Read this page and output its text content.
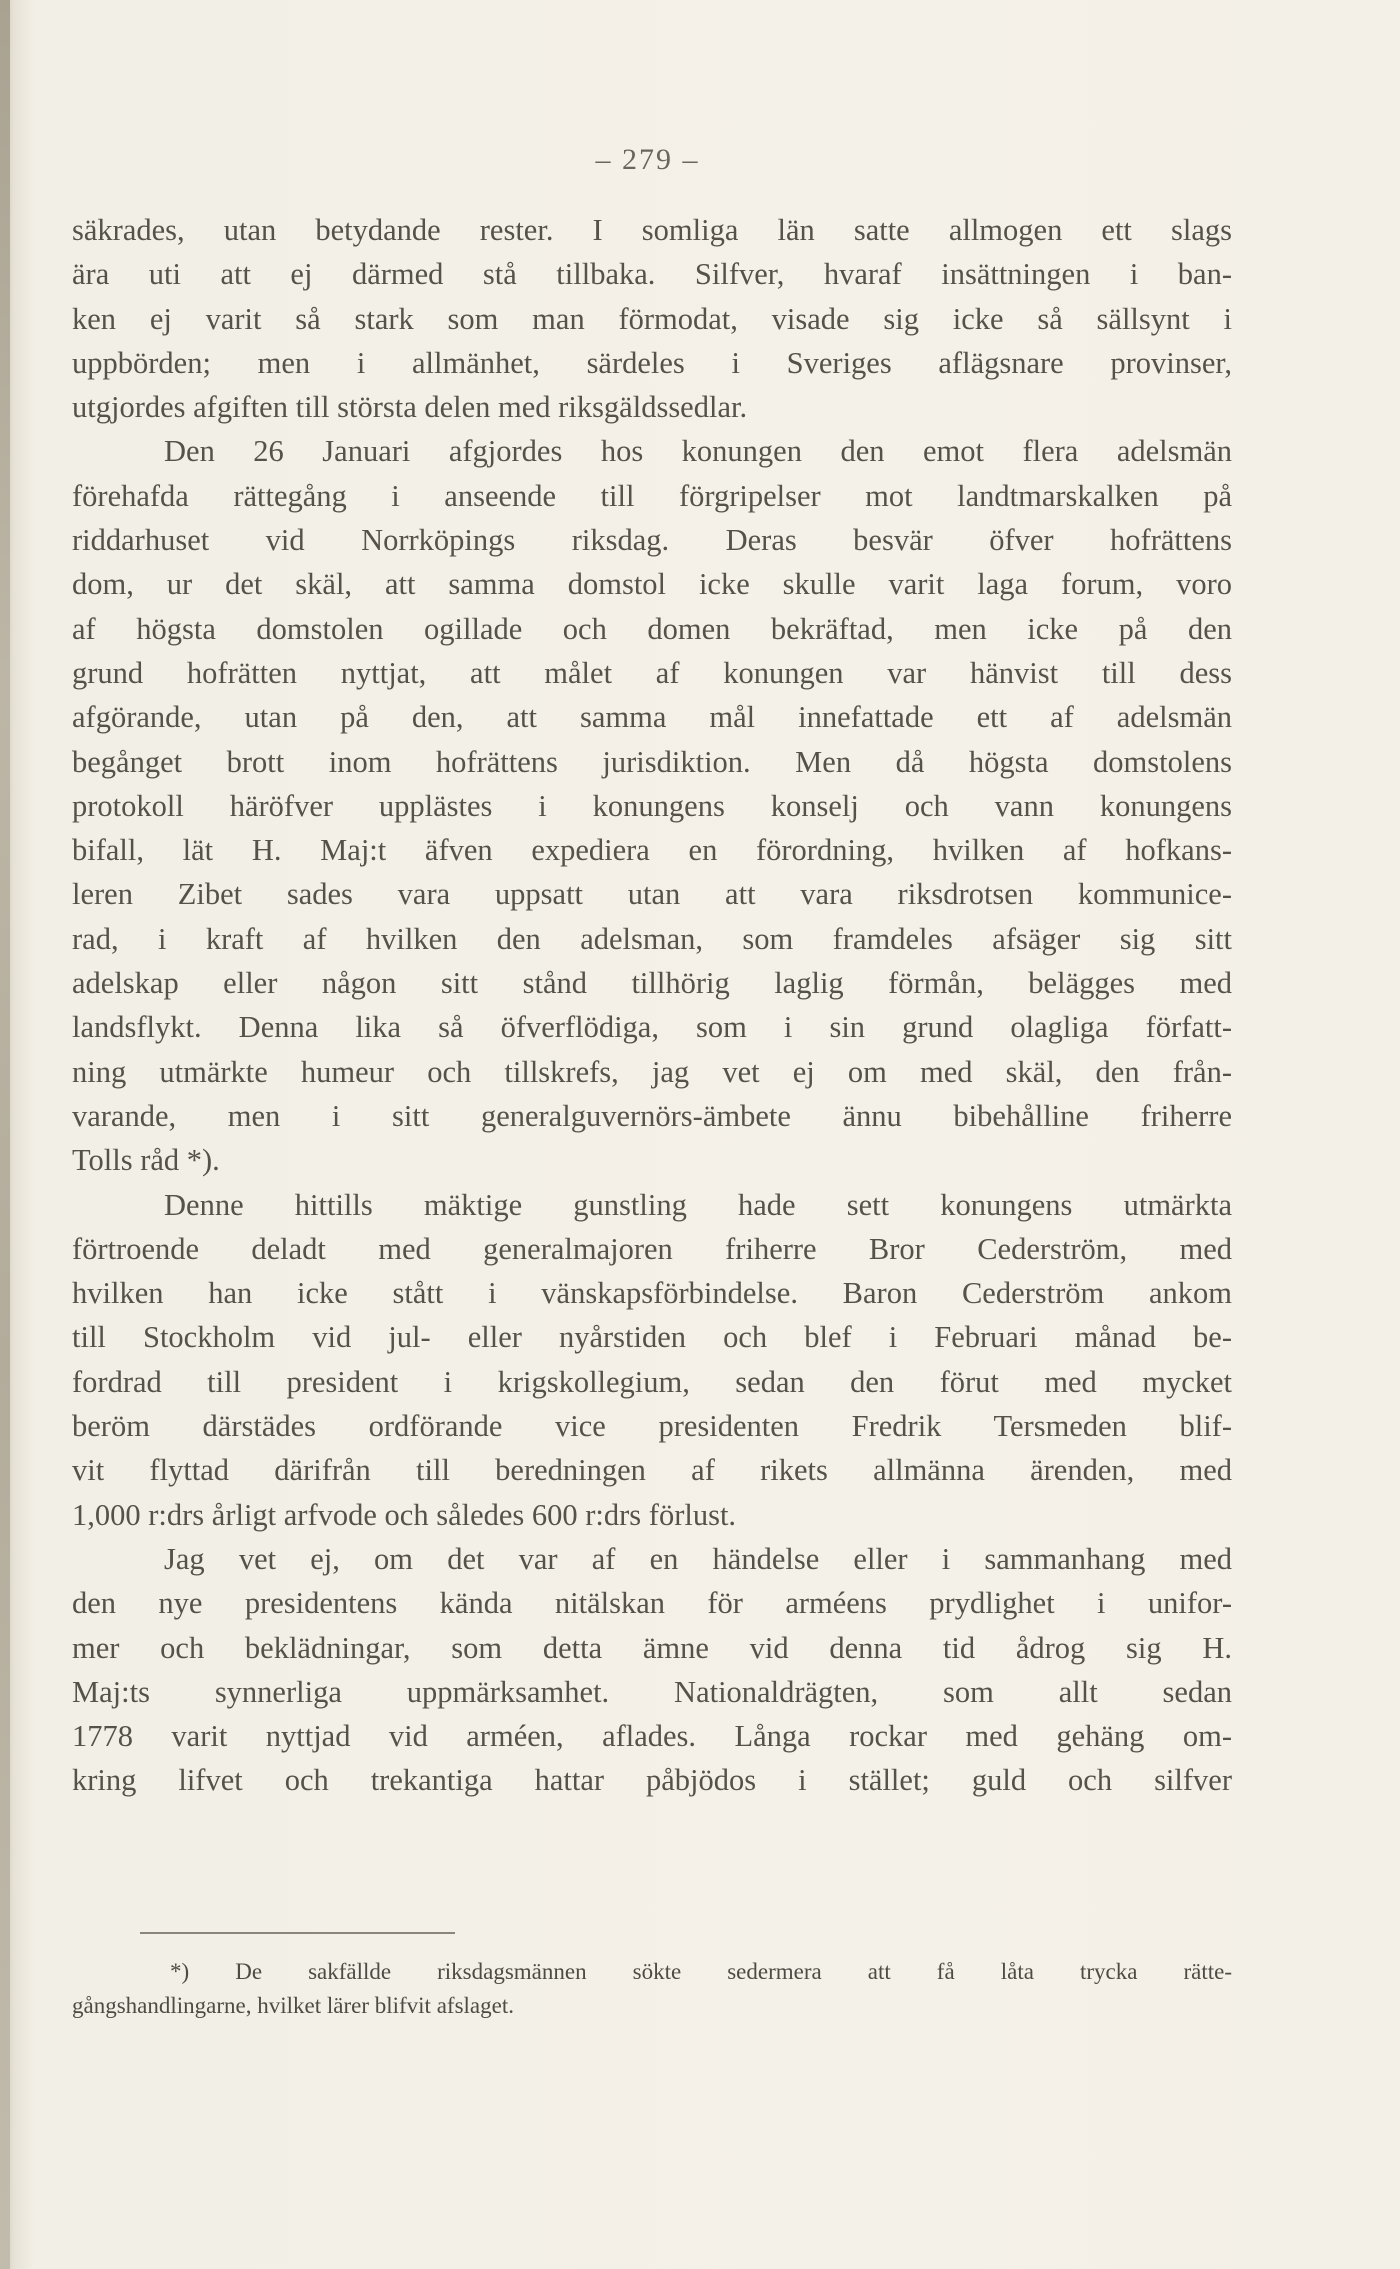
– 279 –
säkrades, utan betydande rester. I somliga län satte allmogen ett slags
ära uti att ej därmed stå tillbaka. Silfver, hvaraf insättningen i ban-
ken ej varit så stark som man förmodat, visade sig icke så sällsynt i
uppbörden; men i allmänhet, särdeles i Sveriges aflägsnare provinser,
utgjordes afgiften till största delen med riksgäldssedlar.
Den 26 Januari afgjordes hos konungen den emot flera adelsmän
förehafda rättegång i anseende till förgripelser mot landtmarskalken på
riddarhuset vid Norrköpings riksdag. Deras besvär öfver hofrättens
dom, ur det skäl, att samma domstol icke skulle varit laga forum, voro
af högsta domstolen ogillade och domen bekräftad, men icke på den
grund hofrätten nyttjat, att målet af konungen var hänvist till dess
afgörande, utan på den, att samma mål innefattade ett af adelsmän
begånget brott inom hofrättens jurisdiktion. Men då högsta domstolens
protokoll häröfver upplästes i konungens konselj och vann konungens
bifall, lät H. Maj:t äfven expediera en förordning, hvilken af hofkans-
leren Zibet sades vara uppsatt utan att vara riksdrotsen kommunice-
rad, i kraft af hvilken den adelsman, som framdeles afsäger sig sitt
adelskap eller någon sitt stånd tillhörig laglig förmån, belägges med
landsflykt. Denna lika så öfverflödiga, som i sin grund olagliga författ-
ning utmärkte humeur och tillskrefs, jag vet ej om med skäl, den från-
varande, men i sitt generalguvernörs-ämbete ännu bibehålline friherre
Tolls råd *).
Denne hittills mäktige gunstling hade sett konungens utmärkta
förtroende deladt med generalmajoren friherre Bror Cederström, med
hvilken han icke stått i vänskapsförbindelse. Baron Cederström ankom
till Stockholm vid jul- eller nyårstiden och blef i Februari månad be-
fordrad till president i krigskollegium, sedan den förut med mycket
beröm därstädes ordförande vice presidenten Fredrik Tersmeden blif-
vit flyttad därifrån till beredningen af rikets allmänna ärenden, med
1,000 r:drs årligt arfvode och således 600 r:drs förlust.
Jag vet ej, om det var af en händelse eller i sammanhang med
den nye presidentens kända nitälskan för arméens prydlighet i unifor-
mer och beklädningar, som detta ämne vid denna tid ådrog sig H.
Maj:ts synnerliga uppmärksamhet. Nationaldrägten, som allt sedan
1778 varit nyttjad vid arméen, aflades. Långa rockar med gehäng om-
kring lifvet och trekantiga hattar påbjödos i stället; guld och silfver
*) De sakfällde riksdagsmännen sökte sedermera att få låta trycka rätte-
gångshandlingarne, hvilket lärer blifvit afslaget.
